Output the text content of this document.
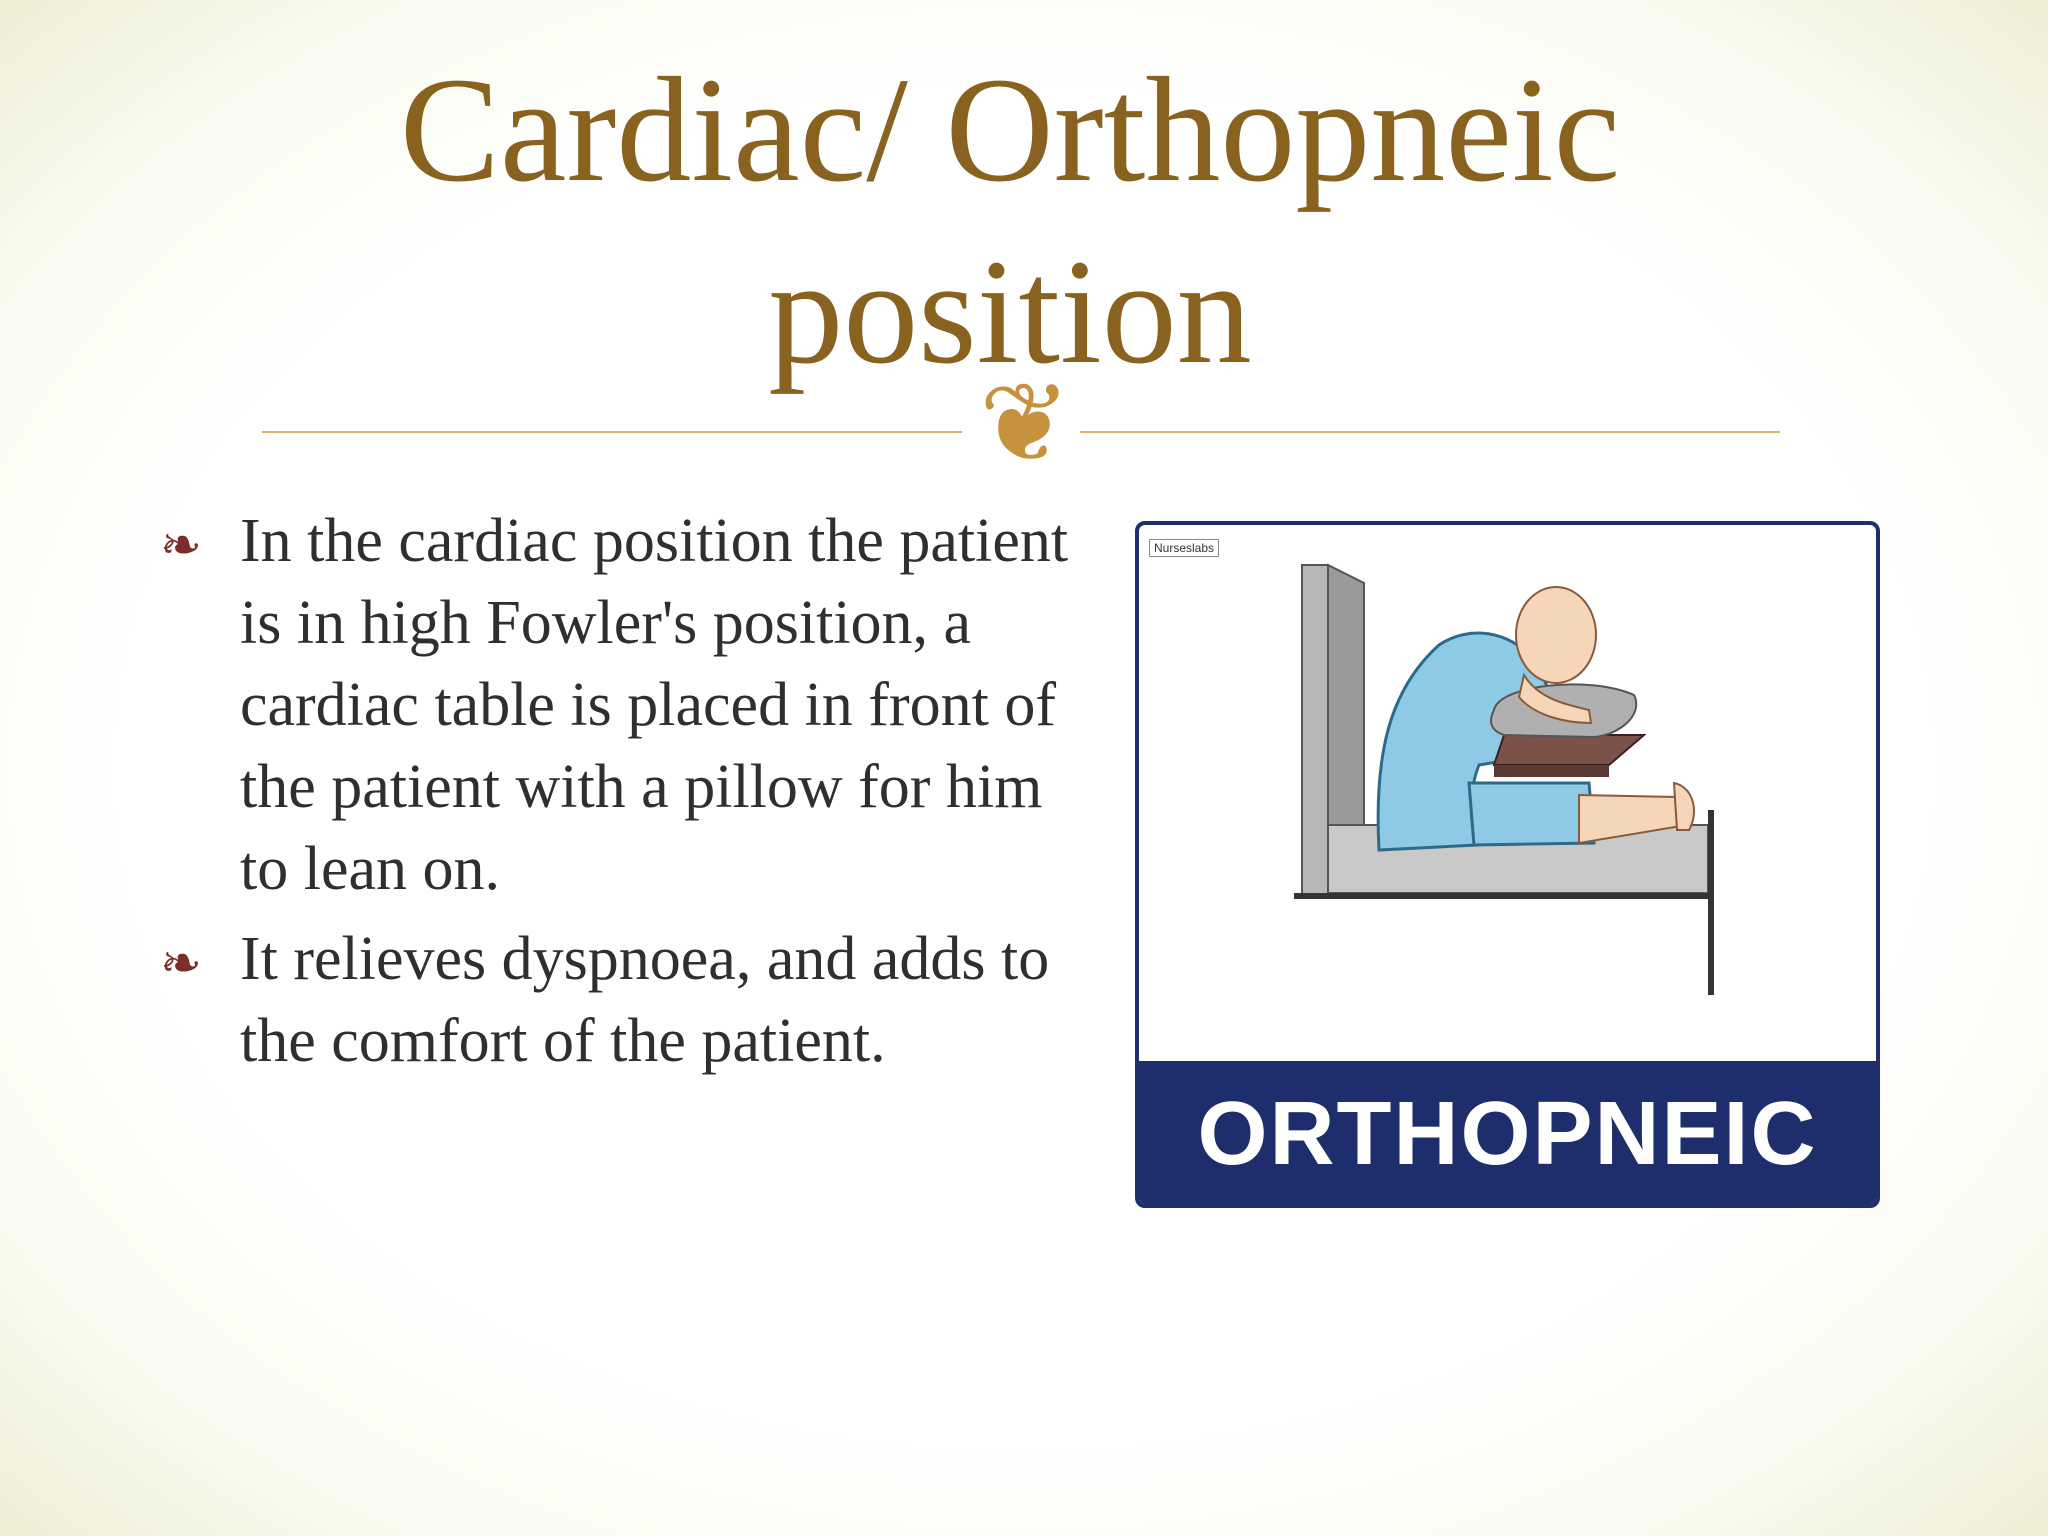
Cardiac/ Orthopneic
position
❦
❧ In the cardiac position the patient is in high Fowler's position, a cardiac table is placed in front of the patient with a pillow for him to lean on.
❧ It relieves dyspnoea, and adds to the comfort of the patient.
Nurseslabs
ORTHOPNEIC
